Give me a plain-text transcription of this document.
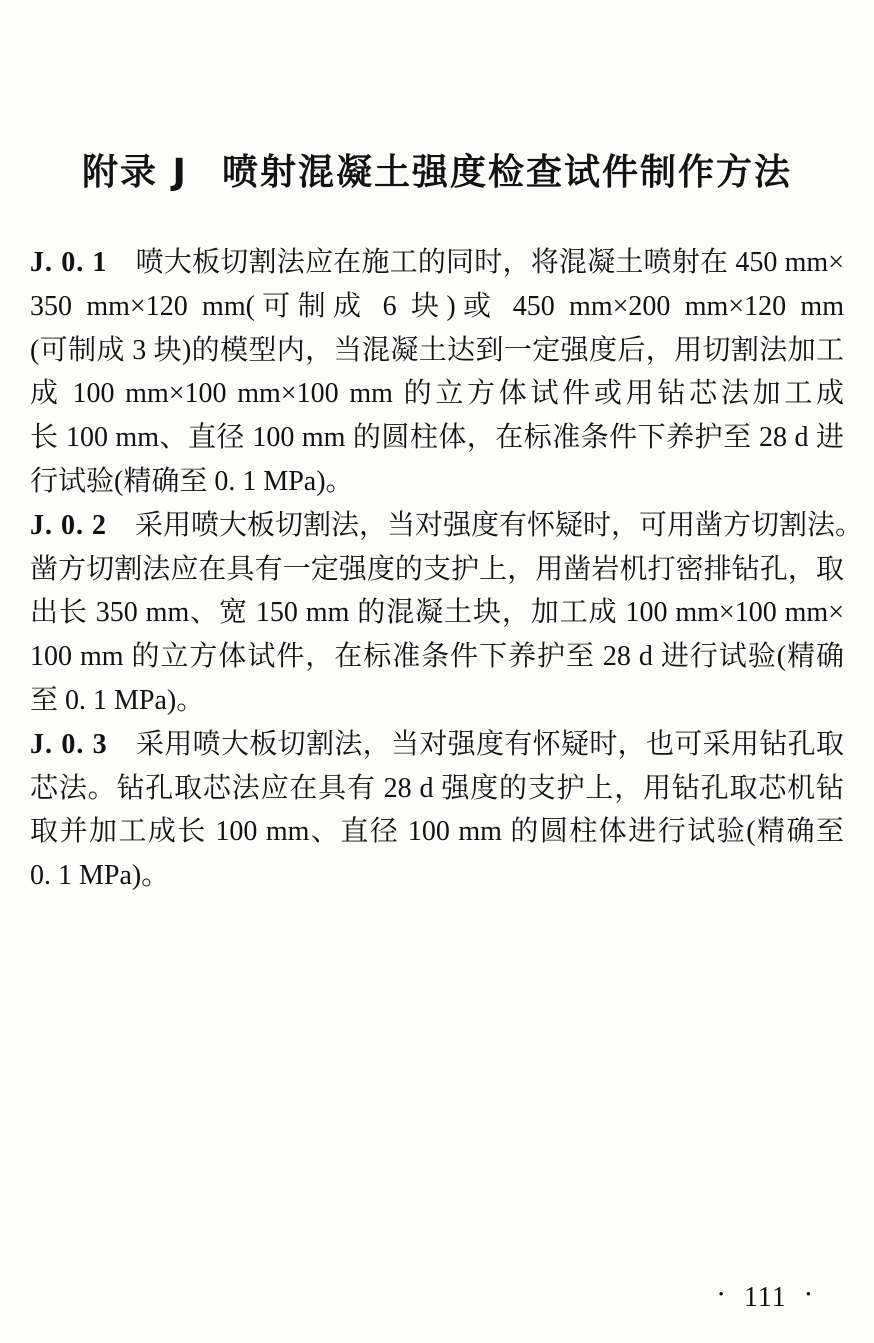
附录 J 喷射混凝土强度检查试件制作方法
J. 0. 1 喷大板切割法应在施工的同时，将混凝土喷射在 450 mm×
350 mm×120 mm(可制成 6 块)或 450 mm×200 mm×120 mm
(可制成 3 块)的模型内，当混凝土达到一定强度后，用切割法加工
成 100 mm×100 mm×100 mm 的立方体试件或用钻芯法加工成
长 100 mm、直径 100 mm 的圆柱体，在标准条件下养护至 28 d 进
行试验(精确至 0. 1 MPa)。
J. 0. 2 采用喷大板切割法，当对强度有怀疑时，可用凿方切割法。
凿方切割法应在具有一定强度的支护上，用凿岩机打密排钻孔，取
出长 350 mm、宽 150 mm 的混凝土块，加工成 100 mm×100 mm×
100 mm 的立方体试件，在标准条件下养护至 28 d 进行试验(精确
至 0. 1 MPa)。
J. 0. 3 采用喷大板切割法，当对强度有怀疑时，也可采用钻孔取
芯法。钻孔取芯法应在具有 28 d 强度的支护上，用钻孔取芯机钻
取并加工成长 100 mm、直径 100 mm 的圆柱体进行试验(精确至
0. 1 MPa)。
• 111 •
